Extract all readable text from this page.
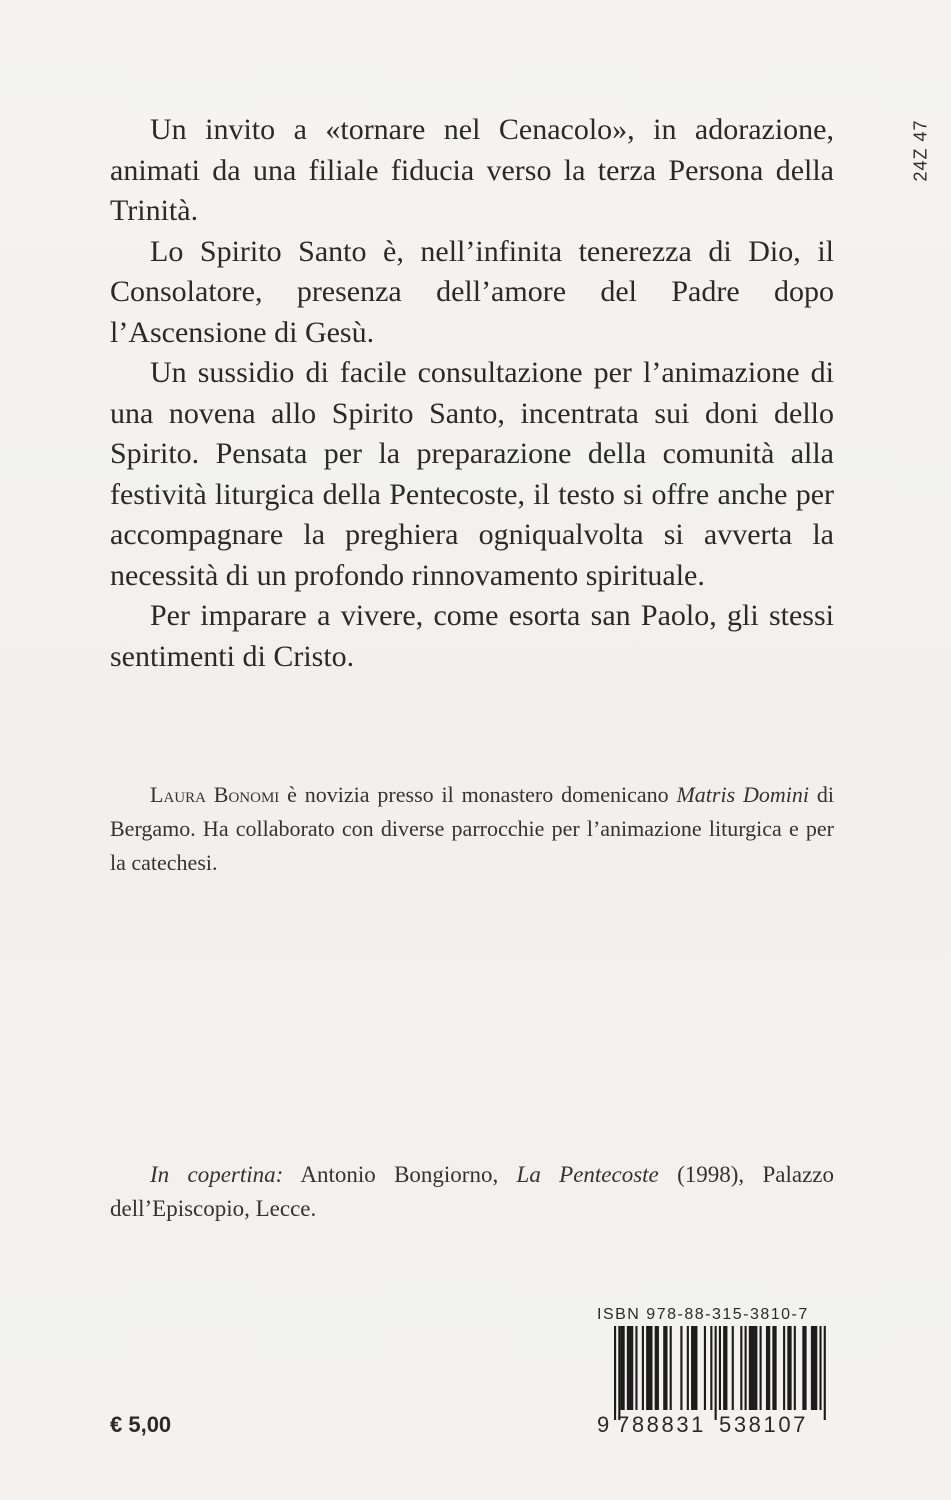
24Z 47

Un invito a «tornare nel Cenacolo», in adorazione, animati da una filiale fiducia verso la terza Persona della Trinità.

Lo Spirito Santo è, nell’infinita tenerezza di Dio, il Consolatore, presenza dell’amore del Padre dopo l’Ascensione di Gesù.

Un sussidio di facile consultazione per l’animazione di una novena allo Spirito Santo, incentrata sui doni dello Spirito. Pensata per la preparazione della comunità alla festività liturgica della Pentecoste, il testo si offre anche per accompagnare la preghiera ogniqualvolta si avverta la necessità di un profondo rinnovamento spirituale.

Per imparare a vivere, come esorta san Paolo, gli stessi sentimenti di Cristo.

Laura Bonomi è novizia presso il monastero domenicano Matris Domini di Bergamo. Ha collaborato con diverse parrocchie per l’animazione liturgica e per la catechesi.
In copertina: Antonio Bongiorno, La Pentecoste (1998), Palazzo dell’Episcopio, Lecce.
€ 5,00
ISBN 978-88-315-3810-7
9 788831 538107
